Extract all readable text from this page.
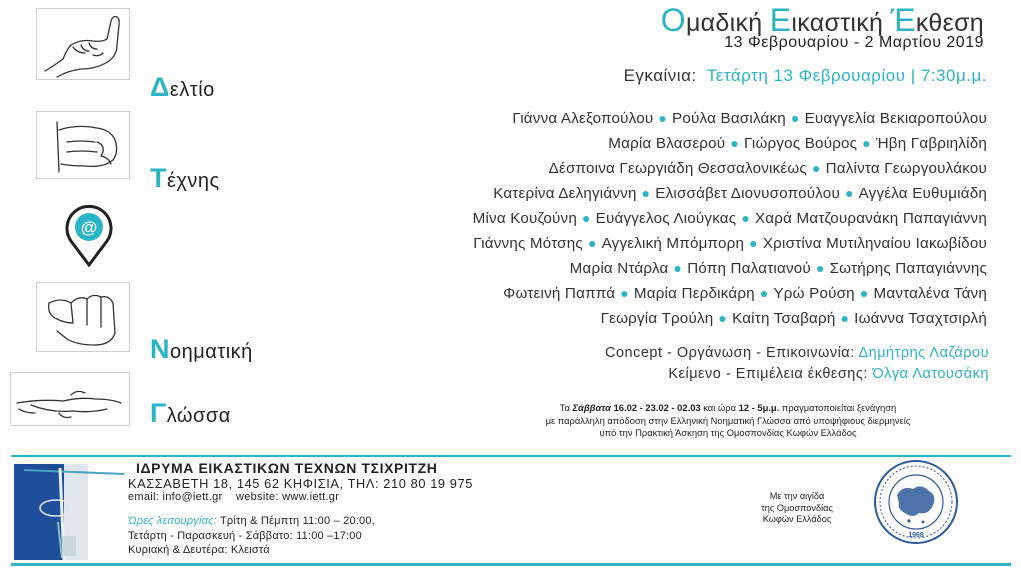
Δελτίο
Τέχνης
@
Νοηματική
Γλώσσα
Ομαδική Εικαστική Έκθεση
13 Φεβρουαρίου - 2 Μαρτίου 2019
Εγκαίνια: Τετάρτη 13 Φεβρουαρίου | 7:30μ.μ.
Γιάννα Αλεξοπούλου ● Ρούλα Βασιλάκη ● Ευαγγελία Βεκιαροπούλου
Μαρία Βλασερού ● Γιώργος Βούρος ● Ήβη Γαβριηλίδη
Δέσποινα Γεωργιάδη Θεσσαλονικέως ● Παλίντα Γεωργουλάκου
Κατερίνα Δεληγιάννη ● Ελισσάβετ Διονυσοπούλου ● Αγγέλα Ευθυμιάδη
Μίνα Κουζούνη ● Ευάγγελος Λιούγκας ● Χαρά Ματζουρανάκη Παπαγιάννη
Γιάννης Μότσης ● Αγγελική Μπόμπορη ● Χριστίνα Μυτιληναίου Ιακωβίδου
Μαρία Ντάρλα ● Πόπη Παλατιανού ● Σωτήρης Παπαγιάννης
Φωτεινή Παππά ● Μαρία Περδικάρη ● Υρώ Ρούση ● Μανταλένα Τάνη
Γεωργία Τρούλη ● Καίτη Τσαβαρή ● Ιωάννα Τσαχτσιρλή
Concept - Οργάνωση - Επικοινωνία: Δημήτρης Λαζάρου
Κείμενο - Επιμέλεια έκθεσης: Όλγα Λατουσάκη
Τα Σάββατα 16.02 - 23.02 - 02.03 και ώρα 12 - 5μ.μ. πραγματοποιείται ξενάγηση
με παράλληλη απόδοση στην Ελληνική Νοηματική Γλώσσα από υποψήφιους διερμηνείς
υπό την Πρακτική Άσκηση της Ομοσπονδίας Κωφών Ελλάδος
ΙΔΡΥΜΑ ΕΙΚΑΣΤΙΚΩΝ ΤΕΧΝΩΝ ΤΣΙΧΡΙΤΖΗ
ΚΑΣΣΑΒΕΤΗ 18, 145 62 ΚΗΦΙΣΙΑ, ΤΗΛ: 210 80 19 975
email: info@iett.gr website: www.iett.gr
Ώρες λειτουργίας: Τρίτη & Πέμπτη 11:00 – 20:00,
Τετάρτη - Παρασκευή - Σάββατο: 11:00 –17:00
Κυριακή & Δευτέρα: Κλειστά
Με την αιγίδα
της Ομοσπονδίας
Κωφών Ελλάδος
1968
